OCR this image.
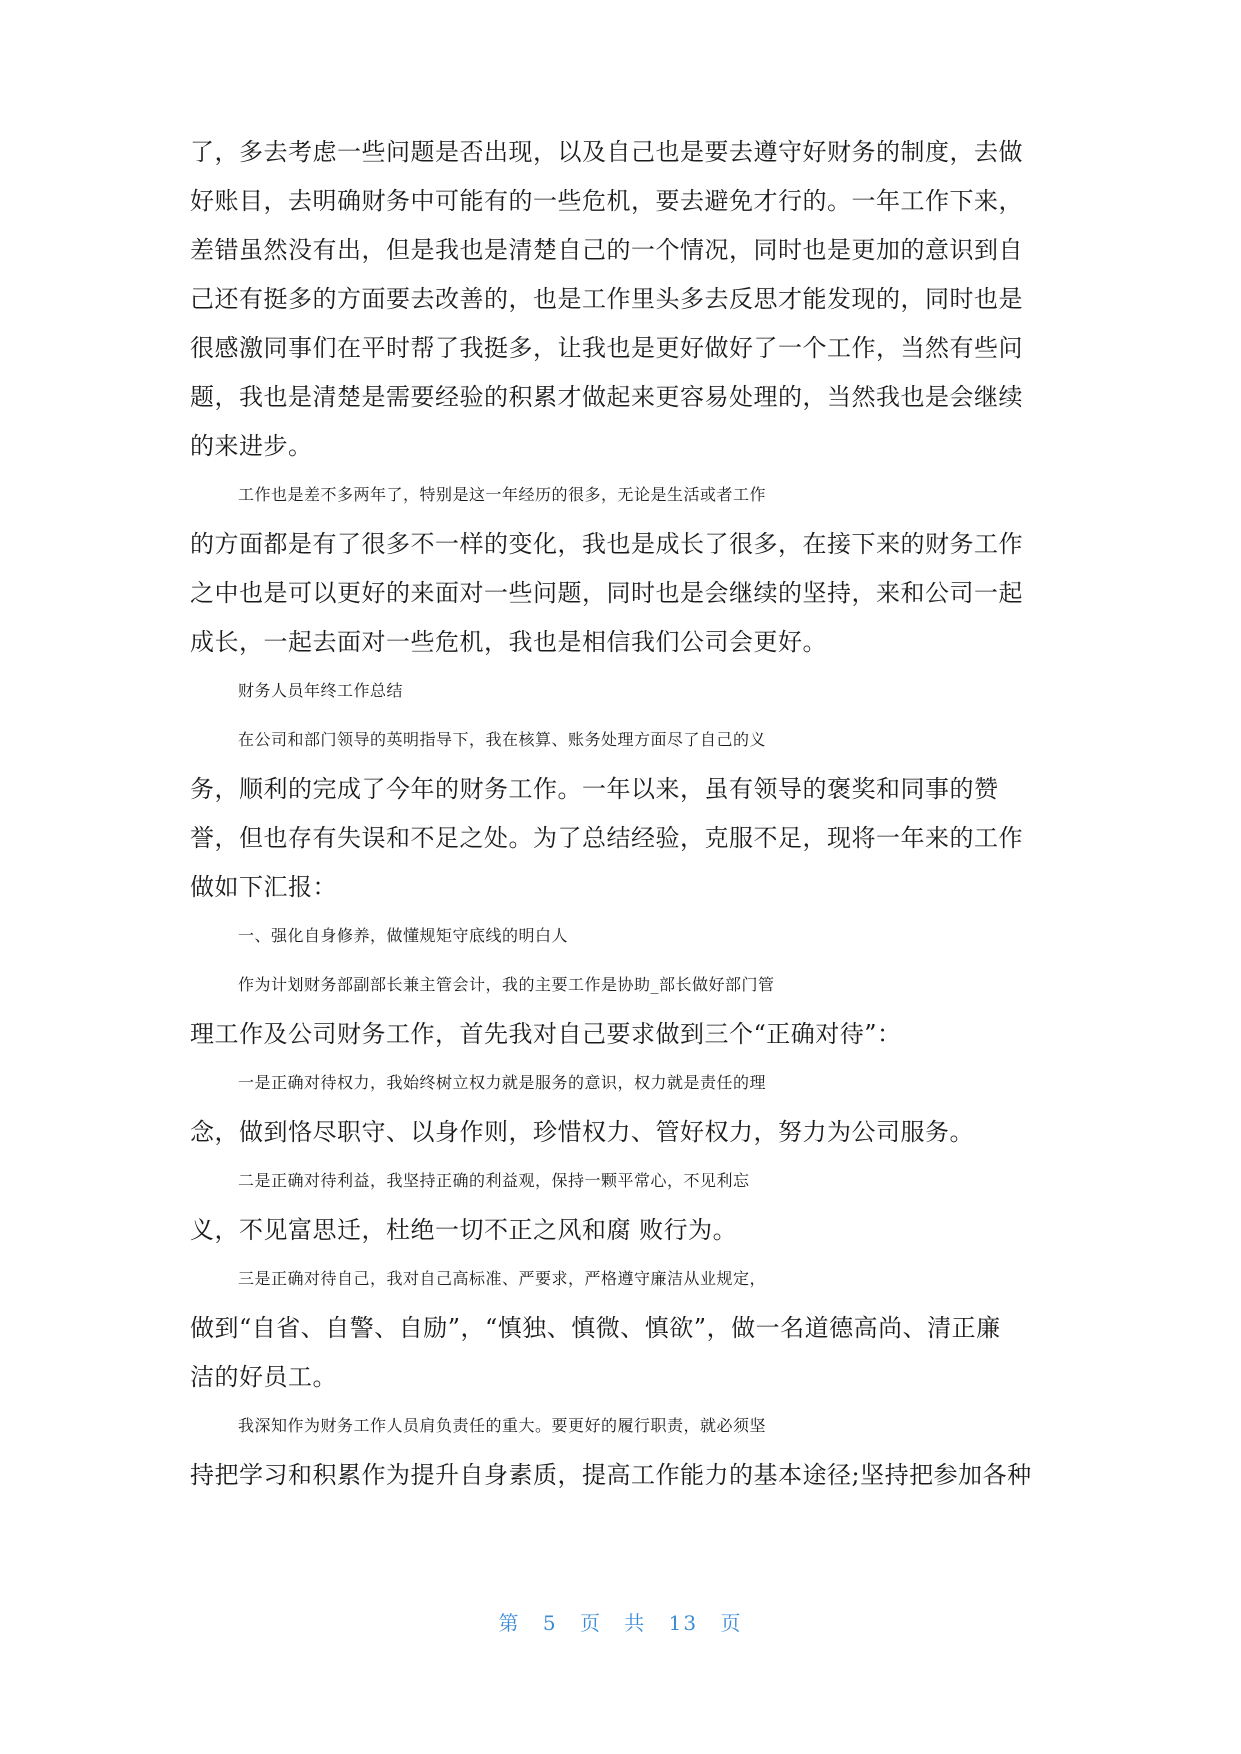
了，多去考虑一些问题是否出现，以及自己也是要去遵守好财务的制度，去做
好账目，去明确财务中可能有的一些危机，要去避免才行的。一年工作下来，
差错虽然没有出，但是我也是清楚自己的一个情况，同时也是更加的意识到自
己还有挺多的方面要去改善的，也是工作里头多去反思才能发现的，同时也是
很感激同事们在平时帮了我挺多，让我也是更好做好了一个工作，当然有些问
题，我也是清楚是需要经验的积累才做起来更容易处理的，当然我也是会继续
的来进步。
工作也是差不多两年了，特别是这一年经历的很多，无论是生活或者工作
的方面都是有了很多不一样的变化，我也是成长了很多，在接下来的财务工作
之中也是可以更好的来面对一些问题，同时也是会继续的坚持，来和公司一起
成长，一起去面对一些危机，我也是相信我们公司会更好。
财务人员年终工作总结
在公司和部门领导的英明指导下，我在核算、账务处理方面尽了自己的义
务，顺利的完成了今年的财务工作。一年以来，虽有领导的褒奖和同事的赞
誉，但也存有失误和不足之处。为了总结经验，克服不足，现将一年来的工作
做如下汇报：
一、强化自身修养，做懂规矩守底线的明白人
作为计划财务部副部长兼主管会计，我的主要工作是协助_部长做好部门管
理工作及公司财务工作，首先我对自己要求做到三个“正确对待”：
一是正确对待权力，我始终树立权力就是服务的意识，权力就是责任的理
念，做到恪尽职守、以身作则，珍惜权力、管好权力，努力为公司服务。
二是正确对待利益，我坚持正确的利益观，保持一颗平常心，不见利忘
义，不见富思迁，杜绝一切不正之风和腐 败行为。
三是正确对待自己，我对自己高标准、严要求，严格遵守廉洁从业规定，
做到“自省、自警、自励”，“慎独、慎微、慎欲”，做一名道德高尚、清正廉
洁的好员工。
我深知作为财务工作人员肩负责任的重大。要更好的履行职责，就必须坚
持把学习和积累作为提升自身素质，提高工作能力的基本途径;坚持把参加各种
第 5 页 共 13 页
